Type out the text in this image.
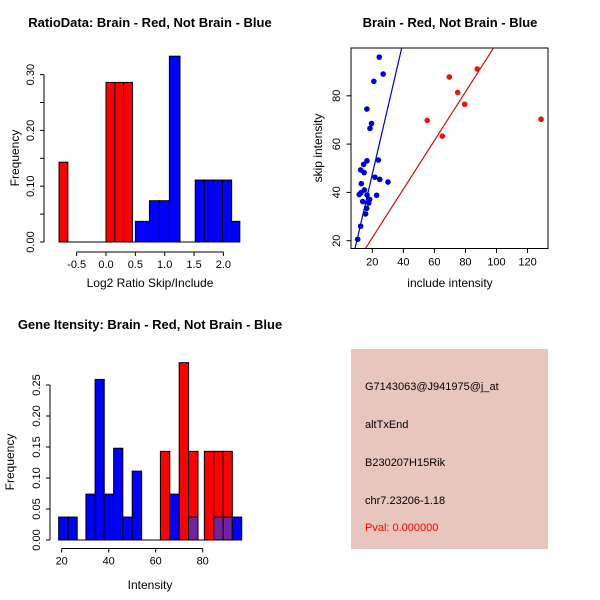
0.00
0.10
0.20
0.30
-0.5 0.0 0.5 1.0 1.5 2.0
0.00
0.05
0.10
0.15
0.20
0.25
20	40	60	80
20 40 60 80 100 120
20
40
60
80
RatioData: Brain - Red, Not Brain - Blue	Brain - Red, Not Brain - Blue
Gene Itensity: Brain - Red, Not Brain - Blue
Log2 Ratio Skip/Include
Frequency
include intensity
skip intensity
Intensity
Frequency
G7143063@J941975@j_at
altTxEnd
B230207H15Rik
chr7.23206-1.18
Pval: 0.000000
